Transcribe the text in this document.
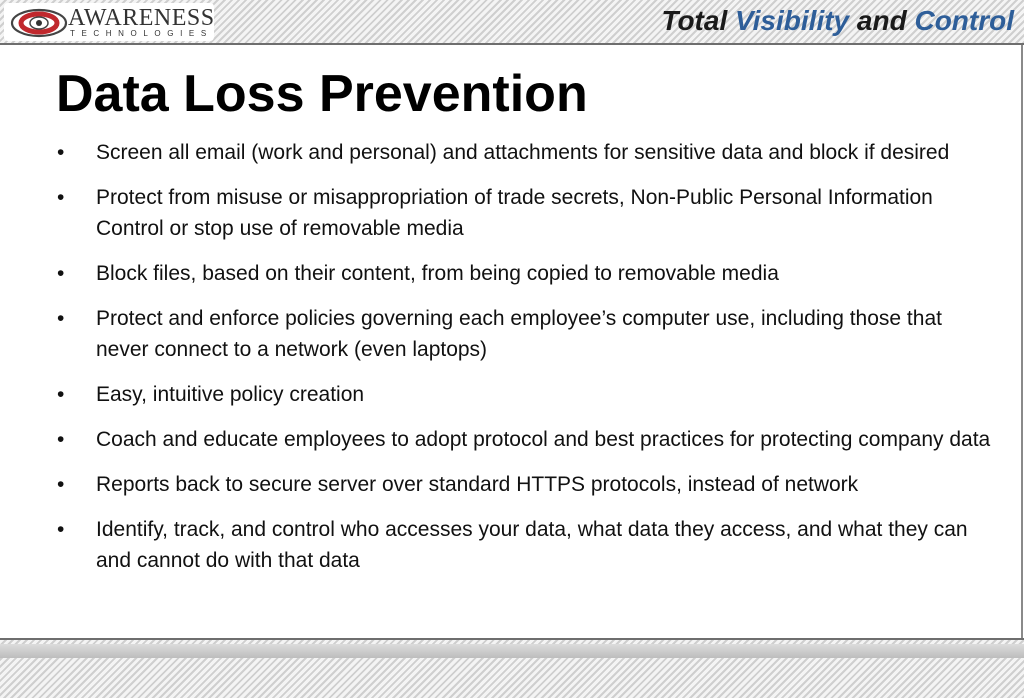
AWARENESS
TECHNOLOGIES	Total Visibility and Control
Data Loss Prevention
•	Screen all email (work and personal) and attachments for sensitive data and block if desired
•	Protect from misuse or misappropriation of trade secrets, Non-Public Personal Information Control or stop use of removable media
•	Block files, based on their content, from being copied to removable media
•	Protect and enforce policies governing each employee’s computer use, including those that never connect to a network (even laptops)
•	Easy, intuitive policy creation
•	Coach and educate employees to adopt protocol and best practices for protecting company data
•	Reports back to secure server over standard HTTPS protocols, instead of network
•	Identify, track, and control who accesses your data, what data they access, and what they can and cannot do with that data
